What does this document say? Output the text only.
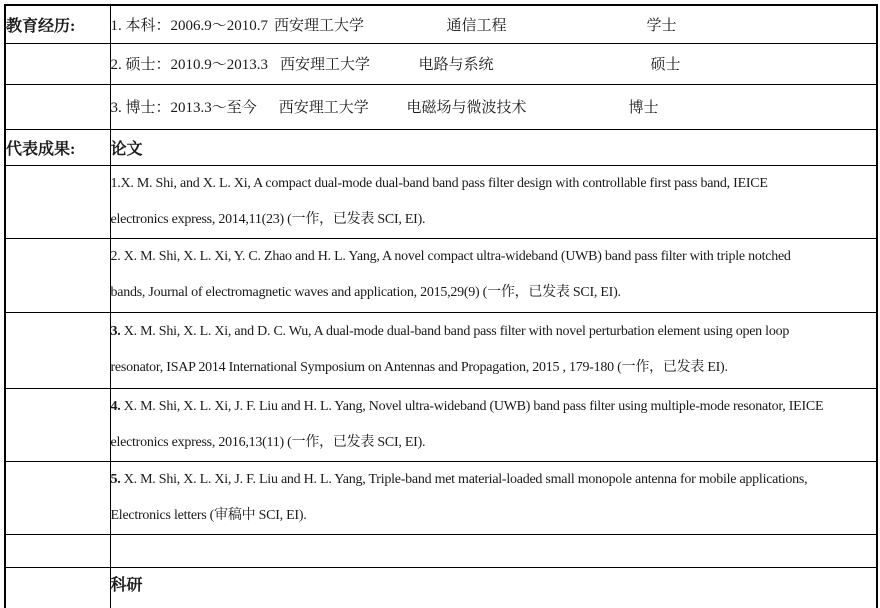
教育经历:	1. 本科：2006.9～2010.7 西安理工大学 通信工程 学士

	2. 硕士：2010.9～2013.3 西安理工大学 电路与系统 硕士

	3. 博士：2013.3～至今 西安理工大学 电磁场与微波技术 博士

代表成果:	论文

	1.X. M. Shi, and X. L. Xi, A compact dual-mode dual-band band pass filter design with controllable first pass band, IEICE
electronics express, 2014,11(23) (一作，已发表 SCI, EI).

	2. X. M. Shi, X. L. Xi, Y. C. Zhao and H. L. Yang, A novel compact ultra-wideband (UWB) band pass filter with triple notched
bands, Journal of electromagnetic waves and application, 2015,29(9) (一作，已发表 SCI, EI).

	3. X. M. Shi, X. L. Xi, and D. C. Wu, A dual-mode dual-band band pass filter with novel perturbation element using open loop
resonator, ISAP 2014 International Symposium on Antennas and Propagation, 2015 , 179-180 (一作，已发表 EI).

	4. X. M. Shi, X. L. Xi, J. F. Liu and H. L. Yang, Novel ultra-wideband (UWB) band pass filter using multiple-mode resonator, IEICE
electronics express, 2016,13(11) (一作，已发表 SCI, EI).

	5. X. M. Shi, X. L. Xi, J. F. Liu and H. L. Yang, Triple-band met material-loaded small monopole antenna for mobile applications,
Electronics letters (审稿中 SCI, EI).

	科研
